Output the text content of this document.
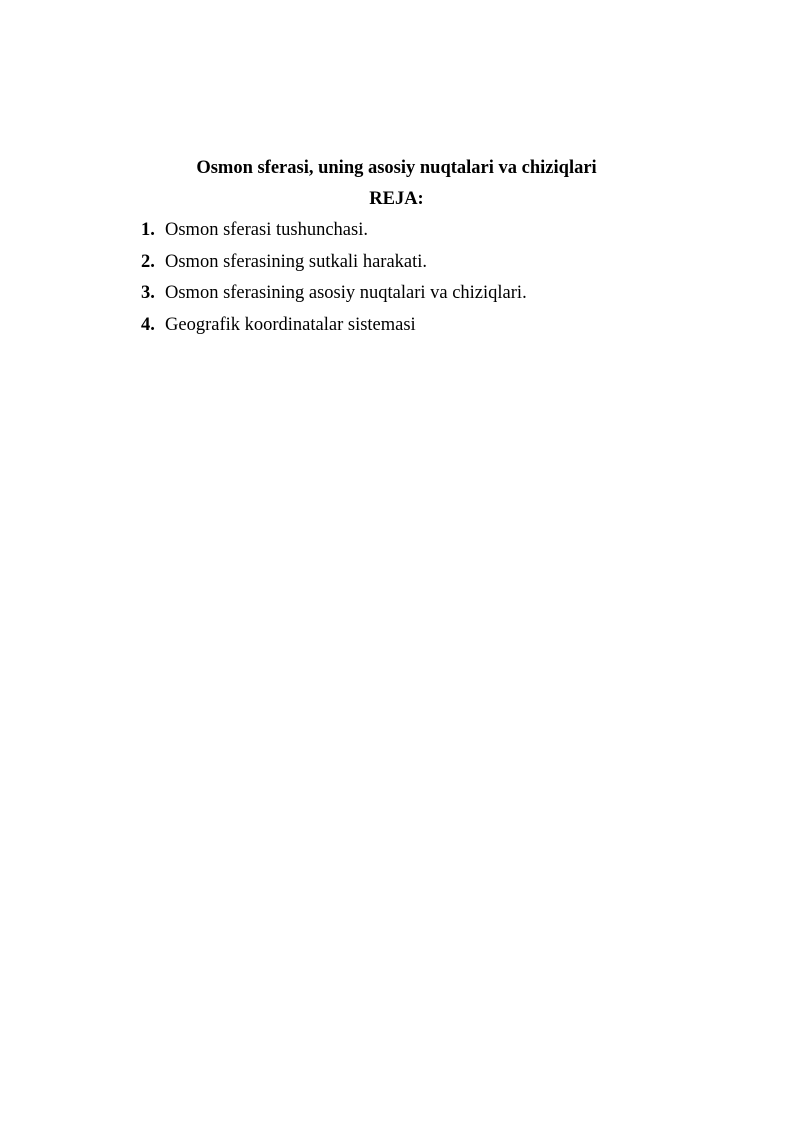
Osmon sferasi, uning asosiy nuqtalari va chiziqlari
REJA:
1. Osmon sferasi tushunchasi.
2. Osmon sferasining sutkali harakati.
3. Osmon sferasining asosiy nuqtalari va chiziqlari.
4. Geografik koordinatalar sistemasi
